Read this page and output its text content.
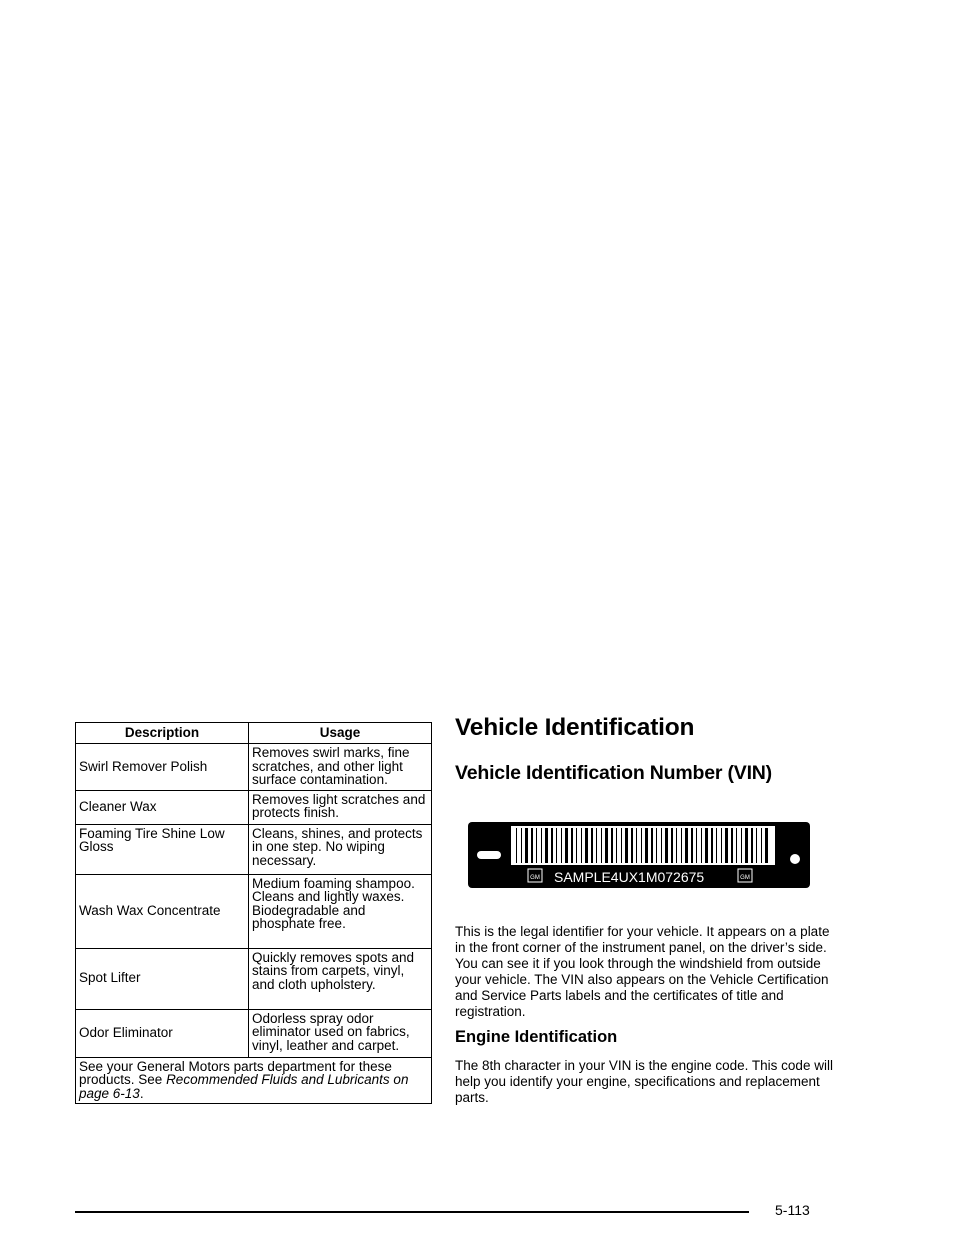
Description	Usage
Swirl Remover Polish	Removes swirl marks, fine scratches, and other light surface contamination.
Cleaner Wax	Removes light scratches and protects finish.
Foaming Tire Shine Low Gloss	Cleans, shines, and protects in one step. No wiping necessary.
Wash Wax Concentrate	Medium foaming shampoo. Cleans and lightly waxes. Biodegradable and phosphate free.
Spot Lifter	Quickly removes spots and stains from carpets, vinyl, and cloth upholstery.
Odor Eliminator	Odorless spray odor eliminator used on fabrics, vinyl, leather and carpet.
See your General Motors parts department for these products. See Recommended Fluids and Lubricants on page 6-13.	
Vehicle Identification
Vehicle Identification Number (VIN)
GM	GM
SAMPLE4UX1M072675

This is the legal identifier for your vehicle. It appears on a plate in the front corner of the instrument panel, on the driver’s side. You can see it if you look through the windshield from outside your vehicle. The VIN also appears on the Vehicle Certification and Service Parts labels and the certificates of title and registration.

Engine Identification

The 8th character in your VIN is the engine code. This code will help you identify your engine, specifications and replacement parts.

5-113
